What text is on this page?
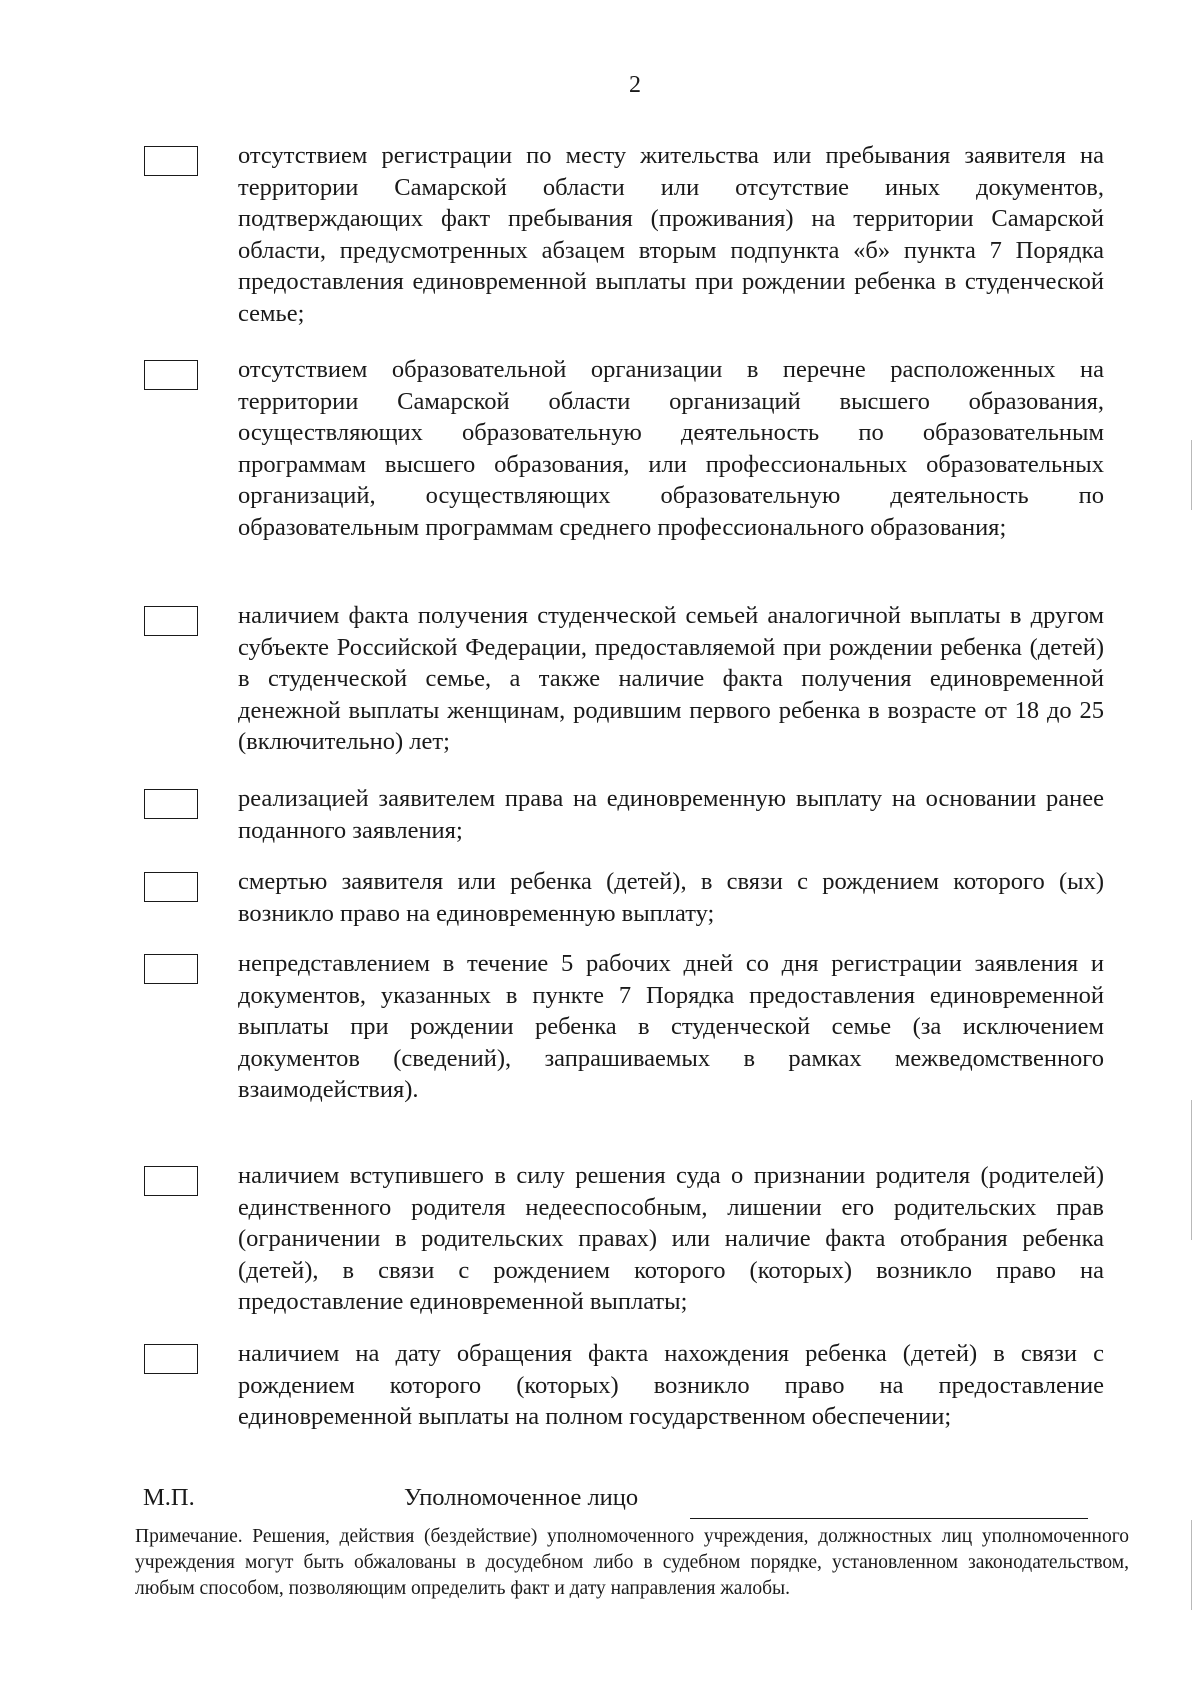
2
отсутствием регистрации по месту жительства или пребывания заявителя на территории Самарской области или отсутствие иных документов, подтверждающих факт пребывания (проживания) на территории Самарской области, предусмотренных абзацем вторым подпункта «б» пункта 7 Порядка предоставления единовременной выплаты при рождении ребенка в студенческой семье;
отсутствием образовательной организации в перечне расположенных на территории Самарской области организаций высшего образования, осуществляющих образовательную деятельность по образовательным программам высшего образования, или профессиональных образовательных организаций, осуществляющих образовательную деятельность по образовательным программам среднего профессионального образования;
наличием факта получения студенческой семьей аналогичной выплаты в другом субъекте Российской Федерации, предоставляемой при рождении ребенка (детей) в студенческой семье, а также наличие факта получения единовременной денежной выплаты женщинам, родившим первого ребенка в возрасте от 18 до 25 (включительно) лет;
реализацией заявителем права на единовременную выплату на основании ранее поданного заявления;
смертью заявителя или ребенка (детей), в связи с рождением которого (ых) возникло право на единовременную выплату;
непредставлением в течение 5 рабочих дней со дня регистрации заявления и документов, указанных в пункте 7 Порядка предоставления единовременной выплаты при рождении ребенка в студенческой семье (за исключением документов (сведений), запрашиваемых в рамках межведомственного взаимодействия).
наличием вступившего в силу решения суда о признании родителя (родителей) единственного родителя недееспособным, лишении его родительских прав (ограничении в родительских правах) или наличие факта отобрания ребенка (детей), в связи с рождением которого (которых) возникло право на предоставление единовременной выплаты;
наличием на дату обращения факта нахождения ребенка (детей) в связи с рождением которого (которых) возникло право на предоставление единовременной выплаты на полном государственном обеспечении;
М.П.	Уполномоченное лицо
Примечание. Решения, действия (бездействие) уполномоченного учреждения, должностных лиц уполномоченного учреждения могут быть обжалованы в досудебном либо в судебном порядке, установленном законодательством, любым способом, позволяющим определить факт и дату направления жалобы.
